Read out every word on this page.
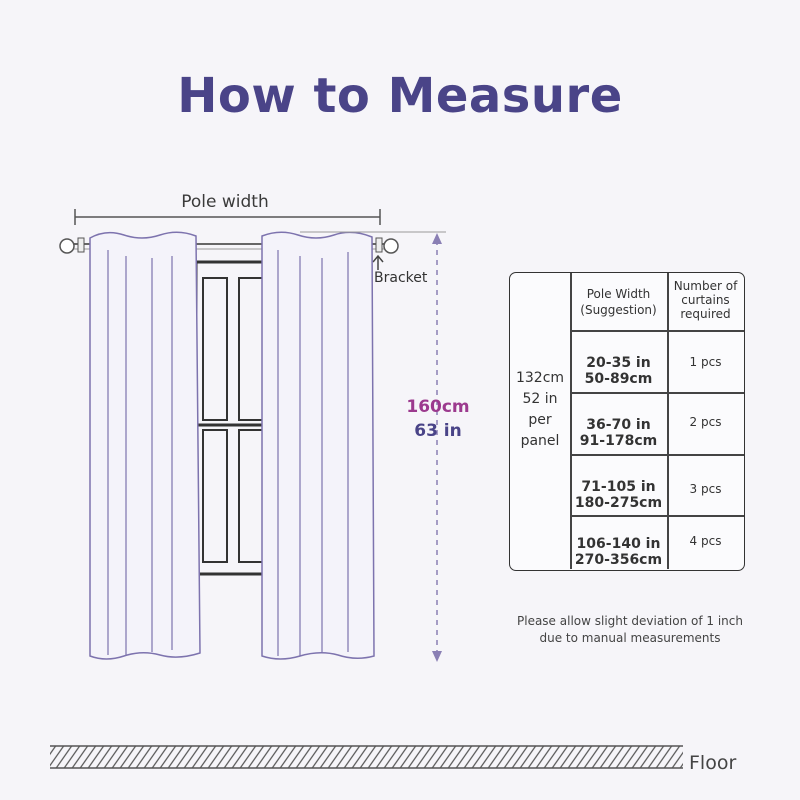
How to Measure
Pole width
Bracket
160cm
63 in
132cm
52 in
per
panel
Pole Width
(Suggestion)
Number of
curtains
required
20-35 in
50-89cm
1 pcs
36-70 in
91-178cm
2 pcs
71-105 in
180-275cm
3 pcs
106-140 in
270-356cm
4 pcs
Please allow slight deviation of 1 inch
due to manual measurements
Floor
